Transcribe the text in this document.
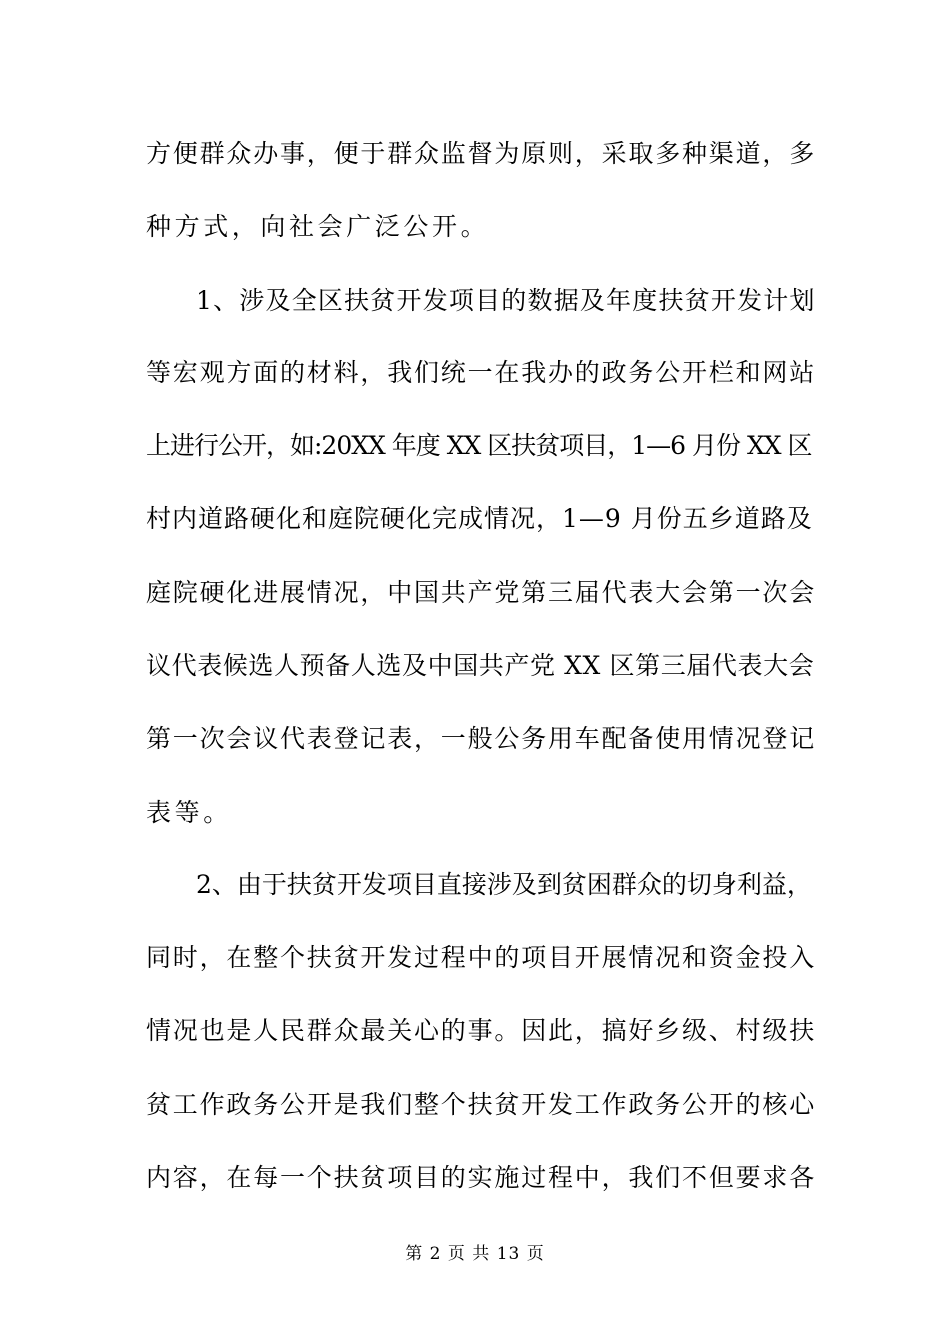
方便群众办事，便于群众监督为原则，采取多种渠道，多
种方式，向社会广泛公开。
1、涉及全区扶贫开发项目的数据及年度扶贫开发计划
等宏观方面的材料，我们统一在我办的政务公开栏和网站
上进行公开，如:20XX 年度 XX 区扶贫项目，1—6 月份 XX 区
村内道路硬化和庭院硬化完成情况，1—9 月份五乡道路及
庭院硬化进展情况，中国共产党第三届代表大会第一次会
议代表候选人预备人选及中国共产党 XX 区第三届代表大会
第一次会议代表登记表，一般公务用车配备使用情况登记
表等。
2、由于扶贫开发项目直接涉及到贫困群众的切身利益，
同时，在整个扶贫开发过程中的项目开展情况和资金投入
情况也是人民群众最关心的事。因此，搞好乡级、村级扶
贫工作政务公开是我们整个扶贫开发工作政务公开的核心
内容，在每一个扶贫项目的实施过程中，我们不但要求各
第 2 页 共 13 页
